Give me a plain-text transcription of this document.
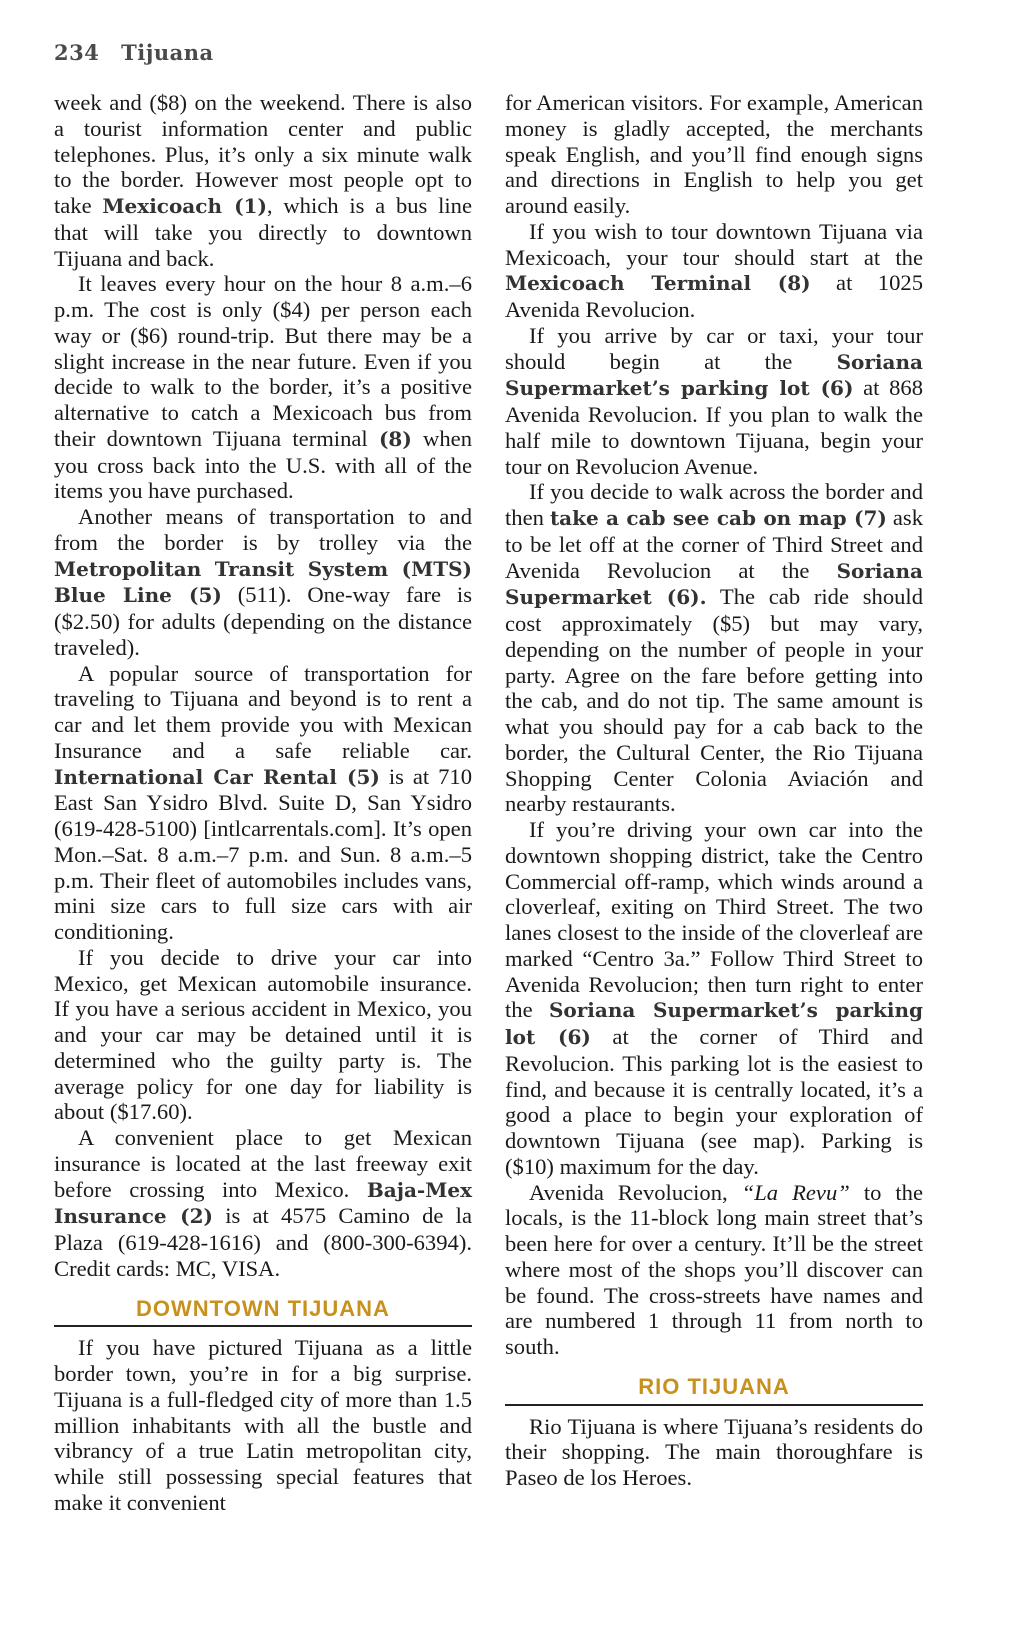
234 Tijuana

week and ($8) on the weekend. There is also a tourist information center and public telephones. Plus, it’s only a six minute walk to the border. However most people opt to take Mexicoach (1), which is a bus line that will take you directly to downtown Tijuana and back.

It leaves every hour on the hour 8 a.m.–6 p.m. The cost is only ($4) per person each way or ($6) round-trip. But there may be a slight increase in the near future. Even if you decide to walk to the border, it’s a positive alternative to catch a Mexicoach bus from their downtown Tijuana terminal (8) when you cross back into the U.S. with all of the items you have purchased.

Another means of transportation to and from the border is by trolley via the Metropolitan Transit System (MTS) Blue Line (5) (511). One-way fare is ($2.50) for adults (depending on the distance traveled).

A popular source of transportation for traveling to Tijuana and beyond is to rent a car and let them provide you with Mexican Insurance and a safe reliable car. International Car Rental (5) is at 710 East San Ysidro Blvd. Suite D, San Ysidro (619-428-5100) [intlcarrentals.com]. It’s open Mon.–Sat. 8 a.m.–7 p.m. and Sun. 8 a.m.–5 p.m. Their fleet of automobiles includes vans, mini size cars to full size cars with air conditioning.

If you decide to drive your car into Mexico, get Mexican automobile insurance. If you have a serious accident in Mexico, you and your car may be detained until it is determined who the guilty party is. The average policy for one day for liability is about ($17.60).

A convenient place to get Mexican insurance is located at the last freeway exit before crossing into Mexico. Baja-Mex Insurance (2) is at 4575 Camino de la Plaza (619-428-1616) and (800-300-6394). Credit cards: MC, VISA.

DOWNTOWN TIJUANA

If you have pictured Tijuana as a little border town, you’re in for a big surprise. Tijuana is a full-fledged city of more than 1.5 million inhabitants with all the bustle and vibrancy of a true Latin metropolitan city, while still possessing special features that make it convenient

for American visitors. For example, American money is gladly accepted, the merchants speak English, and you’ll find enough signs and directions in English to help you get around easily.

If you wish to tour downtown Tijuana via Mexicoach, your tour should start at the Mexicoach Terminal (8) at 1025 Avenida Revolucion.

If you arrive by car or taxi, your tour should begin at the Soriana Supermarket’s parking lot (6) at 868 Avenida Revolucion. If you plan to walk the half mile to downtown Tijuana, begin your tour on Revolucion Avenue.

If you decide to walk across the border and then take a cab see cab on map (7) ask to be let off at the corner of Third Street and Avenida Revolucion at the Soriana Supermarket (6). The cab ride should cost approximately ($5) but may vary, depending on the number of people in your party. Agree on the fare before getting into the cab, and do not tip. The same amount is what you should pay for a cab back to the border, the Cultural Center, the Rio Tijuana Shopping Center Colonia Aviación and nearby restaurants.

If you’re driving your own car into the downtown shopping district, take the Centro Commercial off-ramp, which winds around a cloverleaf, exiting on Third Street. The two lanes closest to the inside of the cloverleaf are marked “Centro 3a.” Follow Third Street to Avenida Revolucion; then turn right to enter the Soriana Supermarket’s parking lot (6) at the corner of Third and Revolucion. This parking lot is the easiest to find, and because it is centrally located, it’s a good a place to begin your exploration of downtown Tijuana (see map). Parking is ($10) maximum for the day.

Avenida Revolucion, “La Revu” to the locals, is the 11-block long main street that’s been here for over a century. It’ll be the street where most of the shops you’ll discover can be found. The cross-streets have names and are numbered 1 through 11 from north to south.

RIO TIJUANA

Rio Tijuana is where Tijuana’s residents do their shopping. The main thoroughfare is Paseo de los Heroes.
